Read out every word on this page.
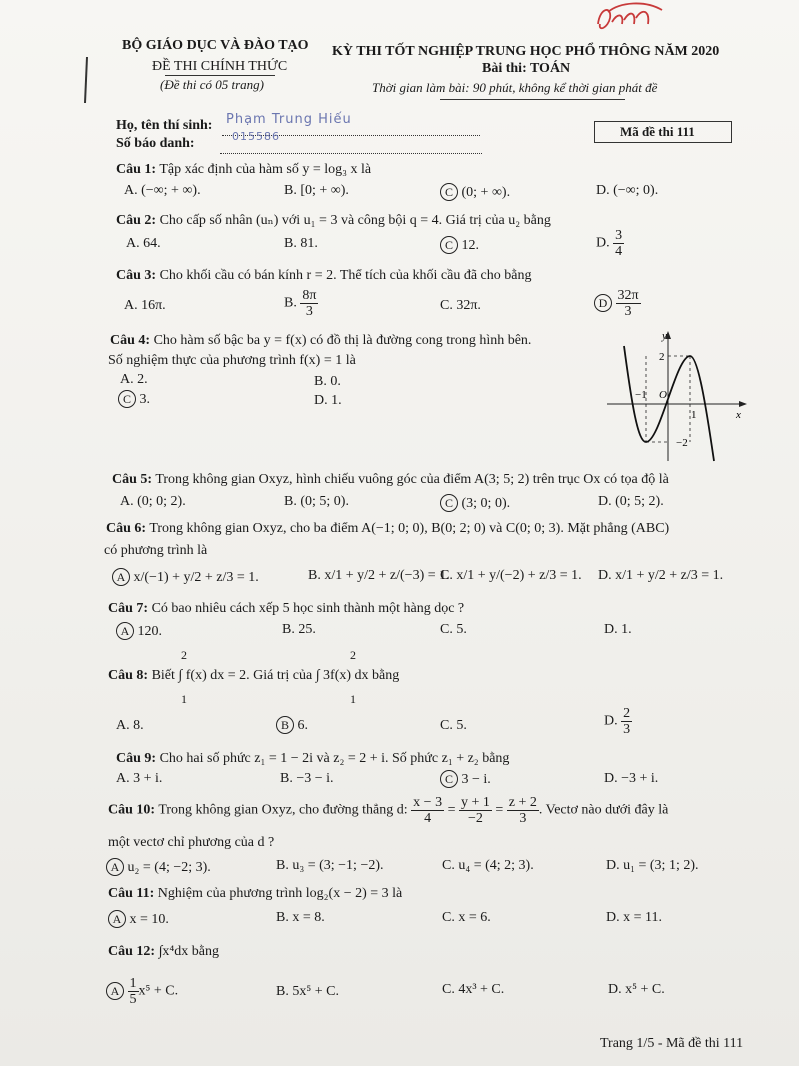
BỘ GIÁO DỤC VÀ ĐÀO TẠO
ĐỀ THI CHÍNH THỨC
(Đề thi có 05 trang)
KỲ THI TỐT NGHIỆP TRUNG HỌC PHỔ THÔNG NĂM 2020
Bài thi: TOÁN
Thời gian làm bài: 90 phút, không kể thời gian phát đề
Họ, tên thí sinh: Phạm Trung Hiếu
Số báo danh:	015586	Mã đề thi 111
Câu 1: Tập xác định của hàm số y = log₃ x là
A. (−∞; + ∞).	B. [0; + ∞).	C (0; + ∞).	D. (−∞; 0).
Câu 2: Cho cấp số nhân (uₙ) với u₁ = 3 và công bội q = 4. Giá trị của u₂ bằng
A. 64.	B. 81.	C 12.	D. $\frac{3}{4}$
Câu 3: Cho khối cầu có bán kính r = 2. Thể tích của khối cầu đã cho bằng
A. 16π.	B. $\frac{8\pi}{3}$	C. 32π.	D $\frac{32\pi}{3}$
Câu 4: Cho hàm số bậc ba y = f(x) có đồ thị là đường cong trong hình bên.
Số nghiệm thực của phương trình f(x) = 1 là
A. 2.	B. 0.
C 3.	D. 1.
y
x
2
−1 O
1
−2
Câu 5: Trong không gian Oxyz, hình chiếu vuông góc của điểm A(3; 5; 2) trên trục Ox có tọa độ là
A. (0; 0; 2).	B. (0; 5; 0).	C (3; 0; 0).	D. (0; 5; 2).
Câu 6: Trong không gian Oxyz, cho ba điểm A(−1; 0; 0), B(0; 2; 0) và C(0; 0; 3). Mặt phẳng (ABC)
có phương trình là
A x/(−1) + y/2 + z/3 = 1.	B. x/1 + y/2 + z/(−3) = 1.
C. x/1 + y/(−2) + z/3 = 1. D. x/1 + y/2 + z/3 = 1.
Câu 7: Có bao nhiêu cách xếp 5 học sinh thành một hàng dọc ?
A 120.	B. 25.	C. 5.	D. 1.
2
1
2
1
Câu 8: Biết ∫ f(x) dx = 2. Giá trị của ∫ 3f(x) dx bằng
A. 8.	B 6.	C. 5.	D. $\frac{2}{3}$
Câu 9: Cho hai số phức z₁ = 1 − 2i và z₂ = 2 + i. Số phức z₁ + z₂ bằng
A. 3 + i.	B. −3 − i.	C 3 − i.	D. −3 + i.
Câu 10: Trong không gian Oxyz, cho đường thẳng d: $\frac{x - 3}{4} = \frac{y + 1}{-2} = \frac{z + 2}{3}$ . Vectơ nào dưới đây là
một vectơ chỉ phương của d ?
A u₂ = (4; −2; 3).	B. u₃ = (3; −1; −2).	C. u₄ = (4; 2; 3).	D. u₁ = (3; 1; 2).
Câu 11: Nghiệm của phương trình log₂(x − 2) = 3 là
A x = 10.	B. x = 8.	C. x = 6.	D. x = 11.
Câu 12: ∫x⁴dx bằng
A $\frac{1}{5} x^5 + C$.	B. 5x⁵ + C.	C. 4x³ + C.	D. x⁵ + C.
Trang 1/5 - Mã đề thi 111
